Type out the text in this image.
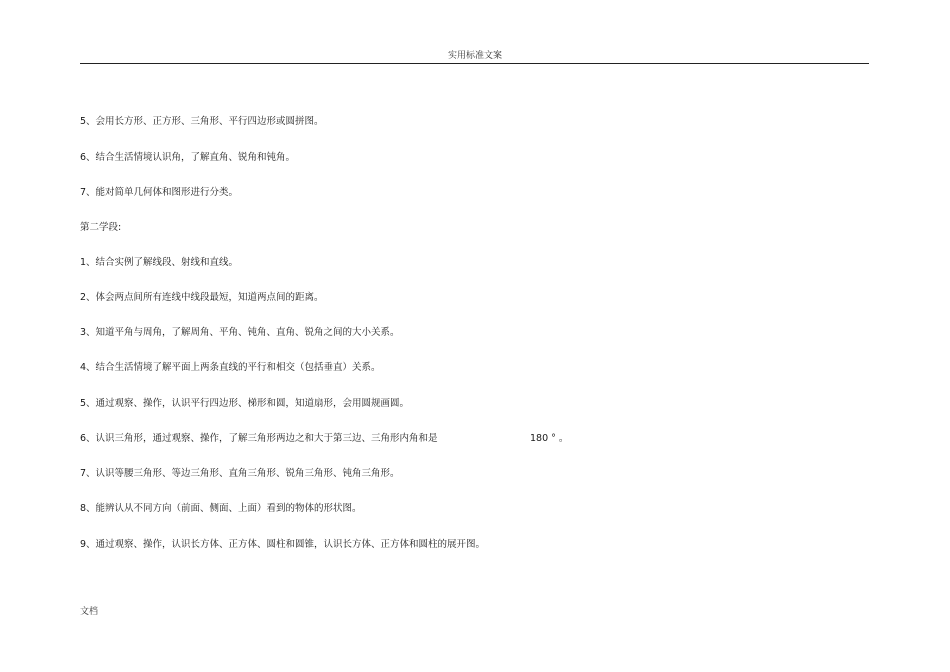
实用标准文案
5、会用长方形、正方形、三角形、平行四边形或圆拼图。
6、结合生活情境认识角，了解直角、锐角和钝角。
7、能对简单几何体和图形进行分类。
第二学段:
1、结合实例了解线段、射线和直线。
2、体会两点间所有连线中线段最短，知道两点间的距离。
3、知道平角与周角，了解周角、平角、钝角、直角、锐角之间的大小关系。
4、结合生活情境了解平面上两条直线的平行和相交（包括垂直）关系。
5、通过观察、操作，认识平行四边形、梯形和圆，知道扇形，会用圆规画圆。
6、认识三角形，通过观察、操作，了解三角形两边之和大于第三边、三角形内角和是	180 ° 。
7、认识等腰三角形、等边三角形、直角三角形、锐角三角形、钝角三角形。
8、能辨认从不同方向（前面、侧面、上面）看到的物体的形状图。
9、通过观察、操作，认识长方体、正方体、圆柱和圆锥，认识长方体、正方体和圆柱的展开图。
文档
